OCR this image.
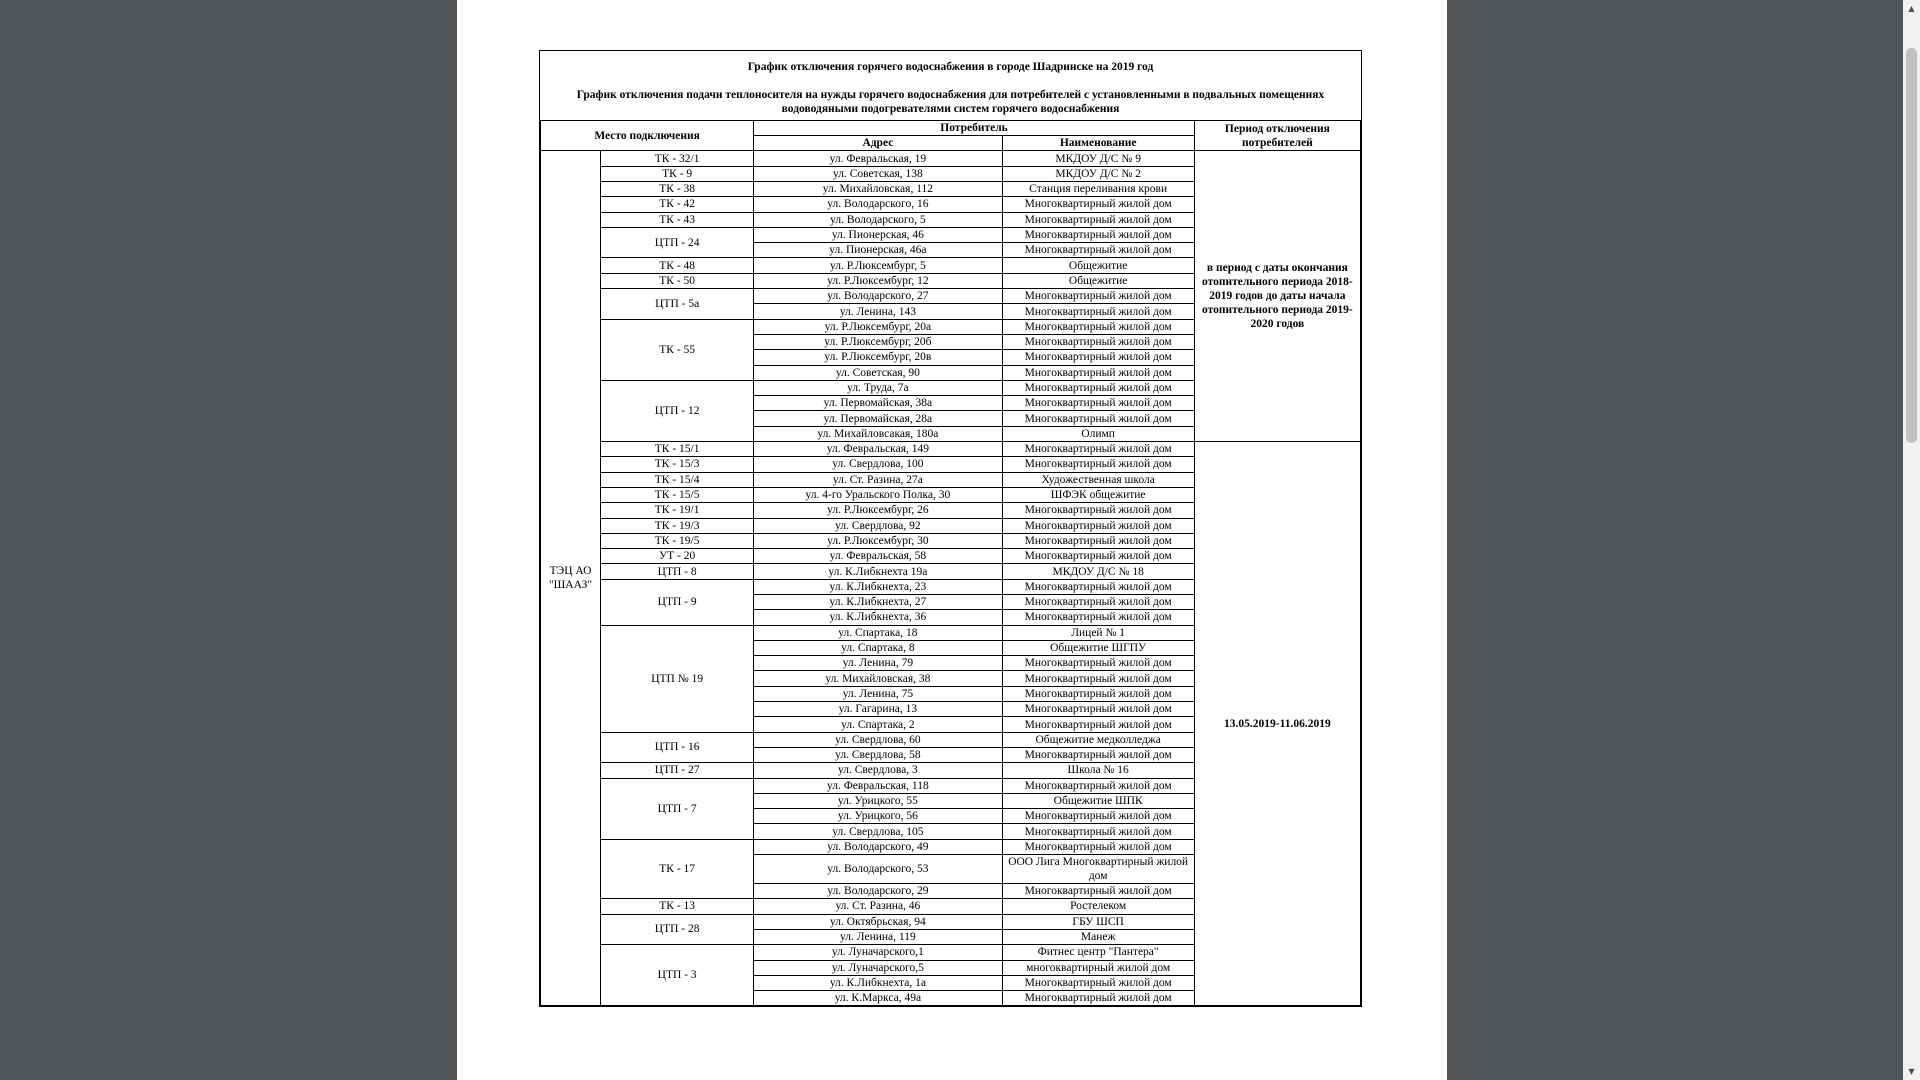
График отключения горячего водоснабжения в городе Шадринске на 2019 год
График отключения подачи теплоносителя на нужды горячего водоснабжения для потребителей с установленными в подвальных помещениях водоводяными подогревателями систем горячего водоснабжения
Место подключения		Потребитель		Период отключения потребителей
		Адрес	Наименование	
ТЭЦ АО "ШААЗ"	ТК - 32/1	ул. Февральская, 19	МКДОУ Д/С № 9	в период с даты окончания отопительного периода 2018-2019 годов до даты начала отопительного периода 2019-2020 годов
	ТК - 9	ул. Советская, 138	МКДОУ Д/С № 2	
	ТК - 38	ул. Михайловская, 112	Станция переливания крови	
	ТК - 42	ул. Володарского, 16	Многоквартирный жилой дом	
	ТК - 43	ул. Володарского, 5	Многоквартирный жилой дом	
	ЦТП - 24	ул. Пионерская, 46	Многоквартирный жилой дом	
		ул. Пионерская, 46а	Многоквартирный жилой дом	
	ТК - 48	ул. Р.Люксембург, 5	Общежитие	
	ТК - 50	ул. Р.Люксембург, 12	Общежитие	
	ЦТП - 5а	ул. Володарского, 27	Многоквартирный жилой дом	
		ул. Ленина, 143	Многоквартирный жилой дом	
	ТК - 55	ул. Р.Люксембург, 20а	Многоквартирный жилой дом	
		ул. Р.Люксембург, 20б	Многоквартирный жилой дом	
		ул. Р.Люксембург, 20в	Многоквартирный жилой дом	
		ул. Советская, 90	Многоквартирный жилой дом	
	ЦТП - 12	ул. Труда, 7а	Многоквартирный жилой дом	
		ул. Первомайская, 38а	Многоквартирный жилой дом	
		ул. Первомайская, 28а	Многоквартирный жилой дом	
		ул. Михайловсакая, 180а	Олимп	
	ТК - 15/1	ул. Февральская, 149	Многоквартирный жилой дом	13.05.2019-11.06.2019
	ТК - 15/3	ул. Свердлова, 100	Многоквартирный жилой дом	
	ТК - 15/4	ул. Ст. Разина, 27а	Художественная школа	
	ТК - 15/5	ул. 4-го Уральского Полка, 30	ШФЭК общежитие	
	ТК - 19/1	ул. Р.Люксембург, 26	Многоквартирный жилой дом	
	ТК - 19/3	ул. Свердлова, 92	Многоквартирный жилой дом	
	ТК - 19/5	ул. Р.Люксембург, 30	Многоквартирный жилой дом	
	УТ - 20	ул. Февральская, 58	Многоквартирный жилой дом	
	ЦТП - 8	ул. К.Либкнехта 19а	МКДОУ Д/С № 18	
	ЦТП - 9	ул. К.Либкнехта, 23	Многоквартирный жилой дом	
		ул. К.Либкнехта, 27	Многоквартирный жилой дом	
		ул. К.Либкнехта, 36	Многоквартирный жилой дом	
	ЦТП № 19	ул. Спартака, 18	Лицей № 1	
		ул. Спартака, 8	Общежитие ШГПУ	
		ул. Ленина, 79	Многоквартирный жилой дом	
		ул. Михайловская, 38	Многоквартирный жилой дом	
		ул. Ленина, 75	Многоквартирный жилой дом	
		ул. Гагарина, 13	Многоквартирный жилой дом	
		ул. Спартака, 2	Многоквартирный жилой дом	
	ЦТП - 16	ул. Свердлова, 60	Общежитие медколледжа	
		ул. Свердлова, 58	Многоквартирный жилой дом	
	ЦТП - 27	ул. Свердлова, 3	Школа № 16	
	ЦТП - 7	ул. Февральская, 118	Многоквартирный жилой дом	
		ул. Урицкого, 55	Общежитие ШПК	
		ул. Урицкого, 56	Многоквартирный жилой дом	
		ул. Свердлова, 105	Многоквартирный жилой дом	
	ТК - 17	ул. Володарского, 49	Многоквартирный жилой дом	
		ул. Володарского, 53	ООО Лига Многоквартирный жилой дом	
		ул. Володарского, 29	Многоквартирный жилой дом	
	ТК - 13	ул. Ст. Разина, 46	Ростелеком	
	ЦТП - 28	ул. Октябрьская, 94	ГБУ ШСП	
		ул. Ленина, 119	Манеж	
	ЦТП - 3	ул. Луначарского,1	Фитнес центр "Пантера"	
		ул. Луначарского,5	многоквартирный жилой дом	
		ул. К.Либкнехта, 1а	Многоквартирный жилой дом	
		ул. К.Маркса, 49а	Многоквартирный жилой дом	
▲
▼
